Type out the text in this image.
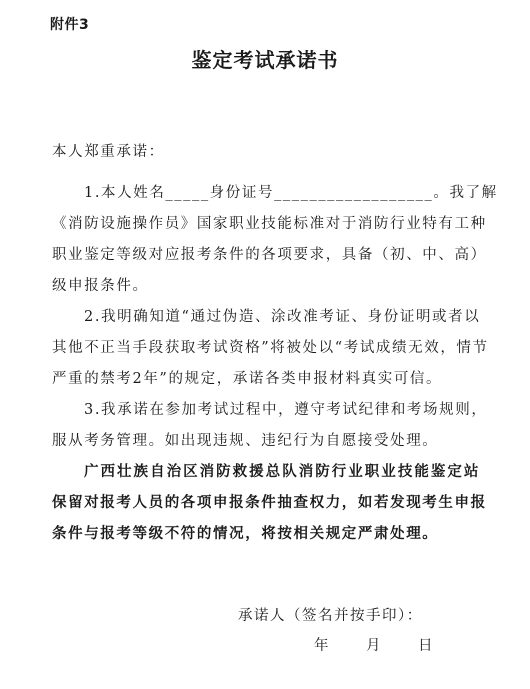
附件3
鉴定考试承诺书
本人郑重承诺：
1.本人姓名_____身份证号__________________。我了解
《消防设施操作员》国家职业技能标准对于消防行业特有工种
职业鉴定等级对应报考条件的各项要求，具备（初、中、高）
级申报条件。
2.我明确知道“通过伪造、涂改准考证、身份证明或者以
其他不正当手段获取考试资格”将被处以“考试成绩无效，情节
严重的禁考2年”的规定，承诺各类申报材料真实可信。
3.我承诺在参加考试过程中，遵守考试纪律和考场规则，
服从考务管理。如出现违规、违纪行为自愿接受处理。
广西壮族自治区消防救援总队消防行业职业技能鉴定站
保留对报考人员的各项申报条件抽查权力，如若发现考生申报
条件与报考等级不符的情况，将按相关规定严肃处理。
承诺人（签名并按手印）：
年	月	日
